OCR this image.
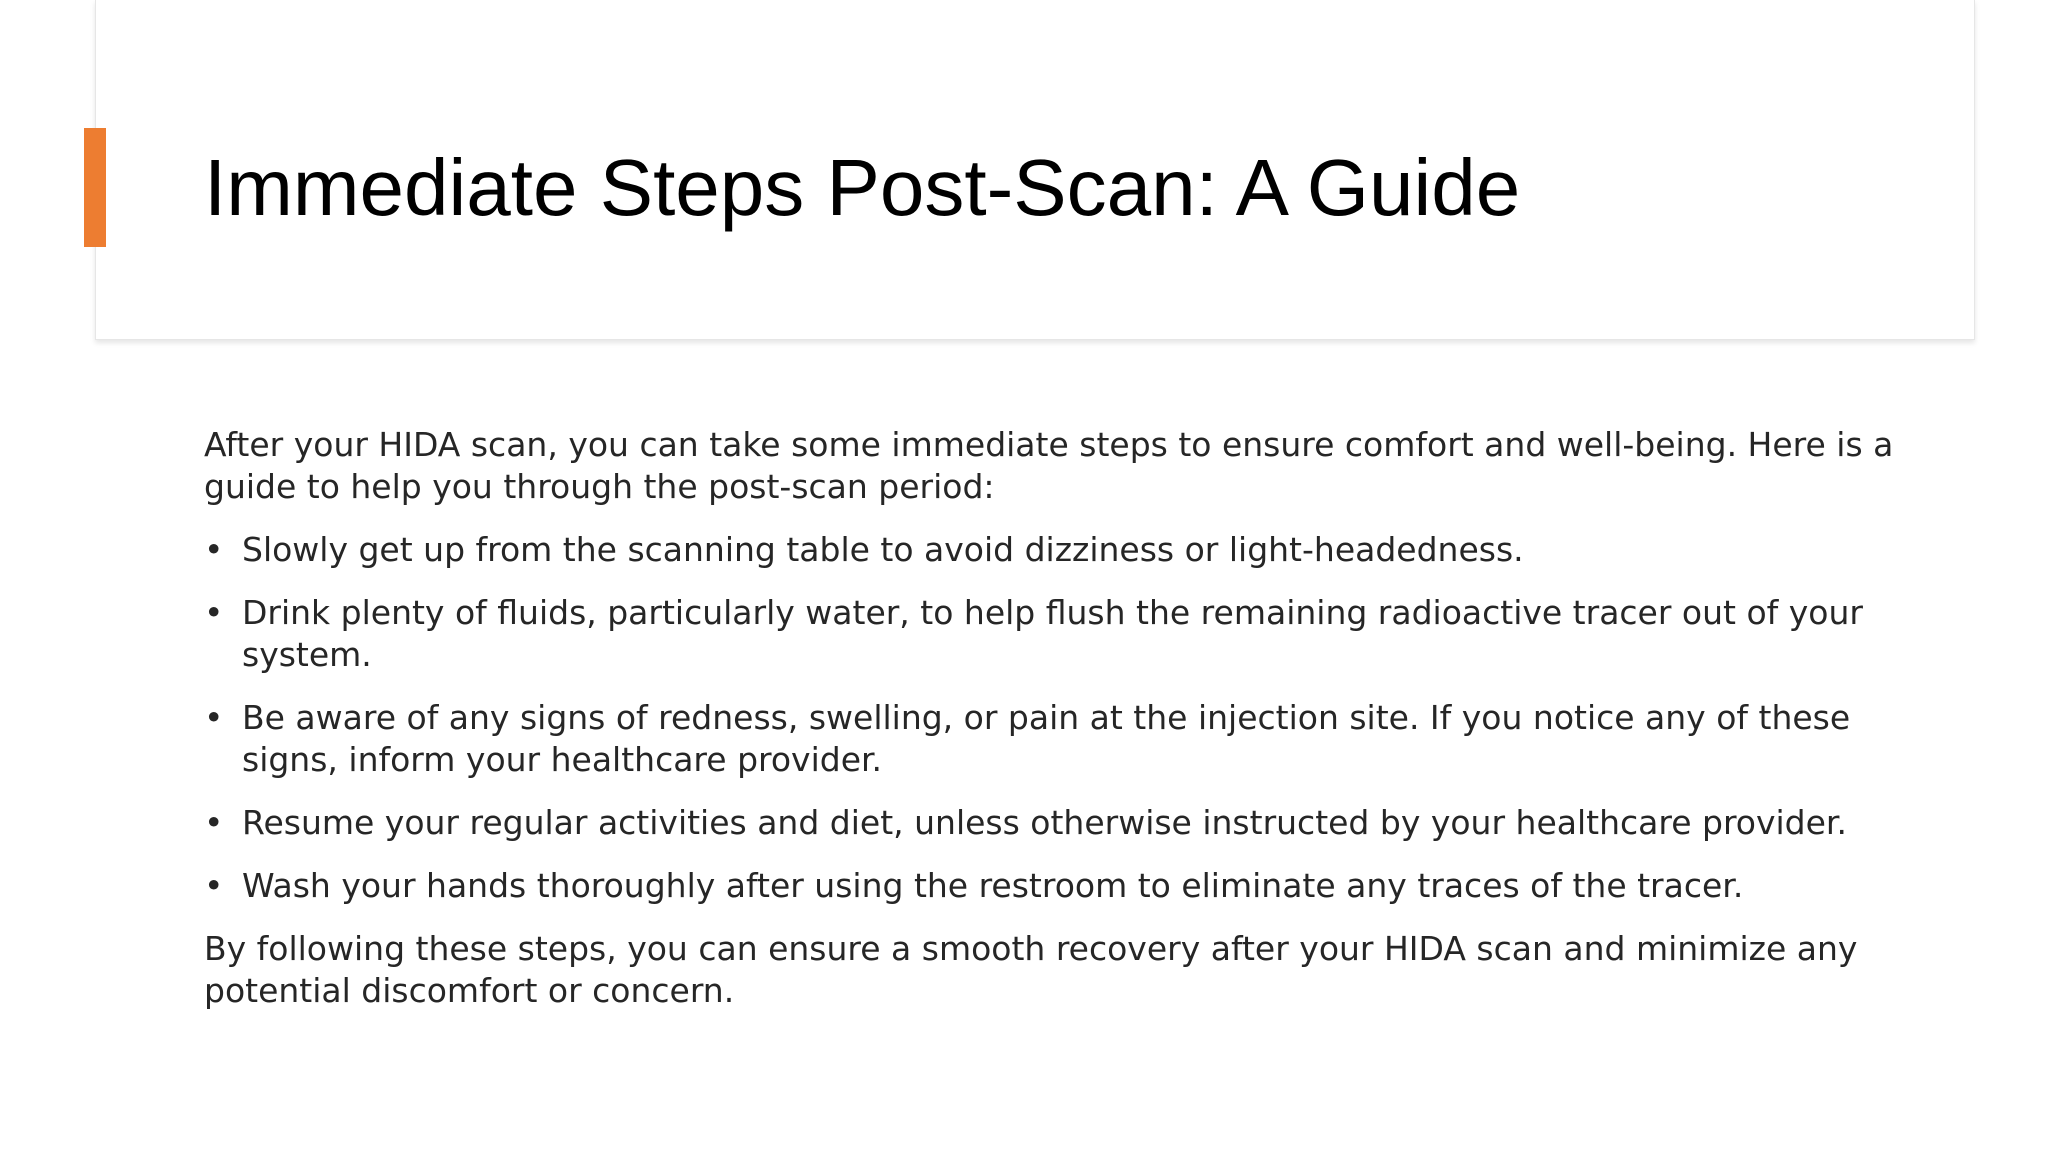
Immediate Steps Post-Scan: A Guide

After your HIDA scan, you can take some immediate steps to ensure comfort and well-being. Here is a guide to help you through the post-scan period:

• Slowly get up from the scanning table to avoid dizziness or light-headedness.
• Drink plenty of fluids, particularly water, to help flush the remaining radioactive tracer out of your system.
• Be aware of any signs of redness, swelling, or pain at the injection site. If you notice any of these signs, inform your healthcare provider.
• Resume your regular activities and diet, unless otherwise instructed by your healthcare provider.
• Wash your hands thoroughly after using the restroom to eliminate any traces of the tracer.

By following these steps, you can ensure a smooth recovery after your HIDA scan and minimize any potential discomfort or concern.
